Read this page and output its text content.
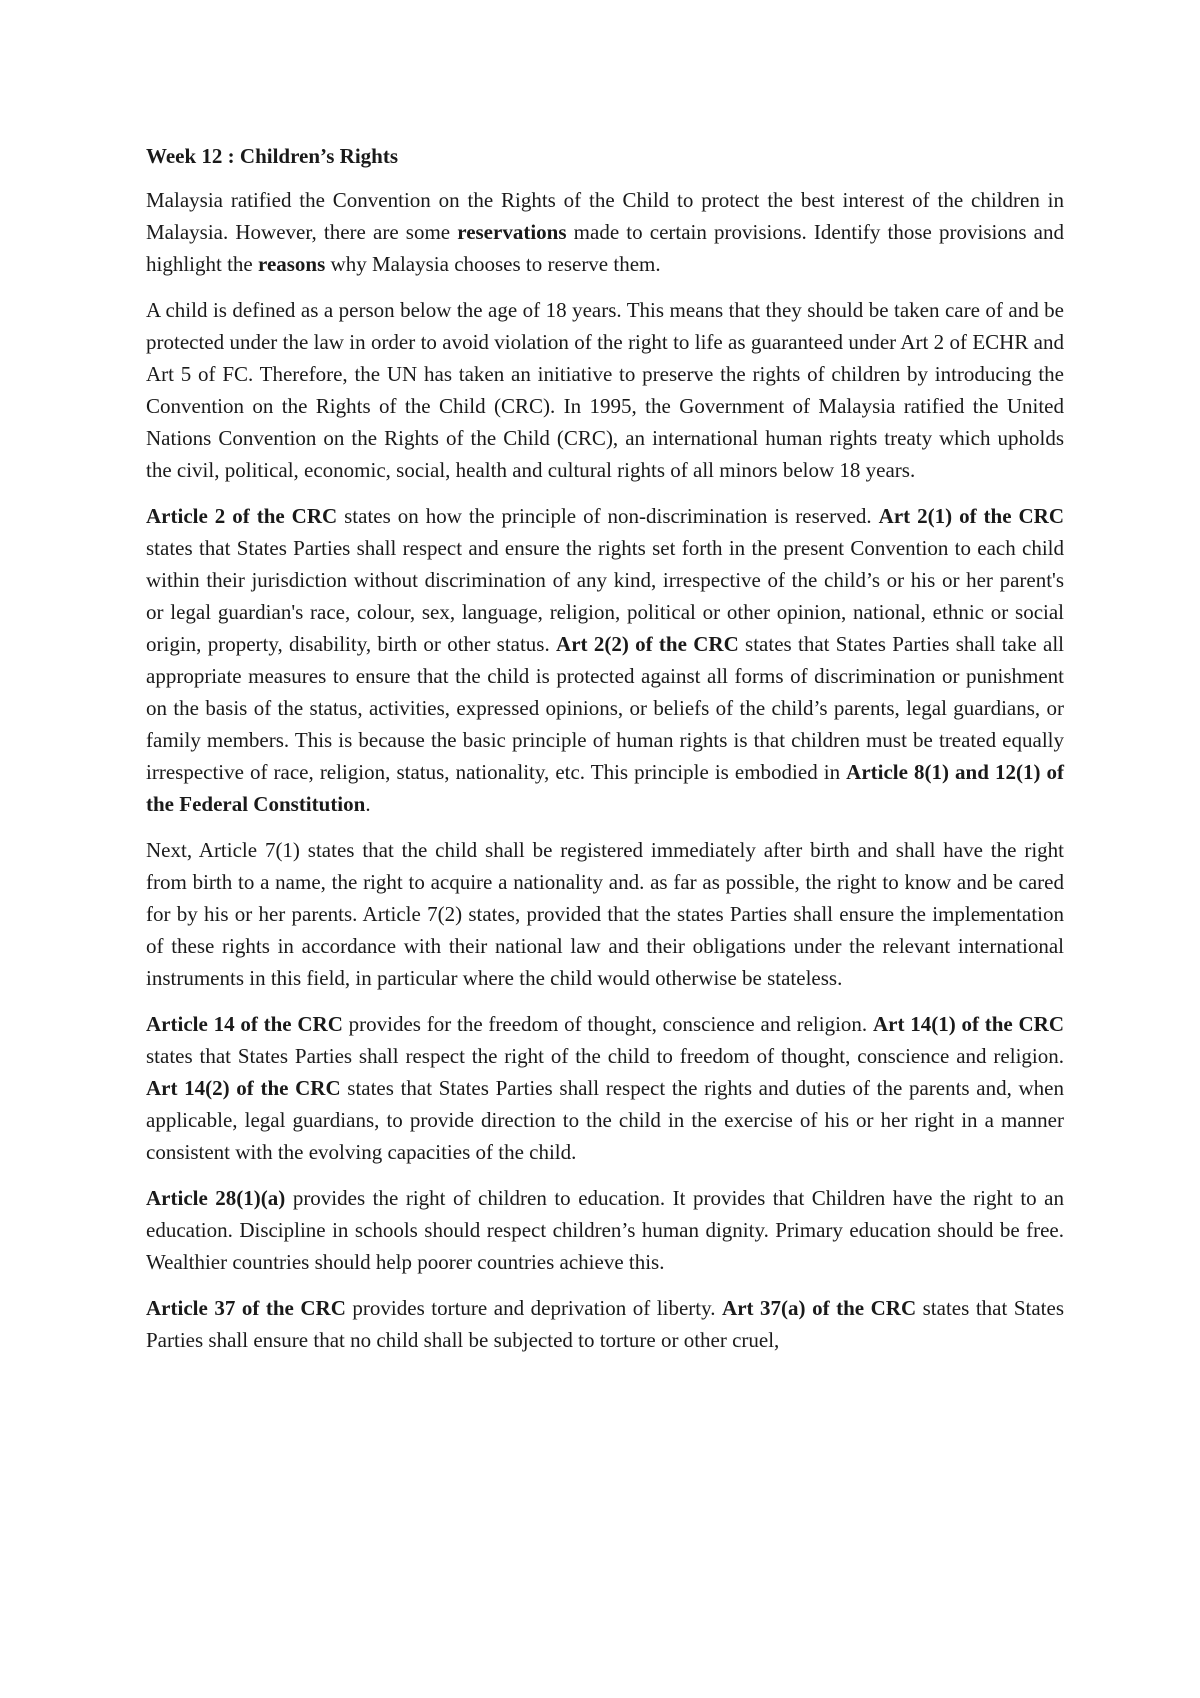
Week 12 : Children’s Rights

Malaysia ratified the Convention on the Rights of the Child to protect the best interest of the children in Malaysia. However, there are some reservations made to certain provisions. Identify those provisions and highlight the reasons why Malaysia chooses to reserve them.

A child is defined as a person below the age of 18 years. This means that they should be taken care of and be protected under the law in order to avoid violation of the right to life as guaranteed under Art 2 of ECHR and Art 5 of FC. Therefore, the UN has taken an initiative to preserve the rights of children by introducing the Convention on the Rights of the Child (CRC). In 1995, the Government of Malaysia ratified the United Nations Convention on the Rights of the Child (CRC), an international human rights treaty which upholds the civil, political, economic, social, health and cultural rights of all minors below 18 years.

Article 2 of the CRC states on how the principle of non-discrimination is reserved. Art 2(1) of the CRC states that States Parties shall respect and ensure the rights set forth in the present Convention to each child within their jurisdiction without discrimination of any kind, irrespective of the child’s or his or her parent's or legal guardian's race, colour, sex, language, religion, political or other opinion, national, ethnic or social origin, property, disability, birth or other status. Art 2(2) of the CRC states that States Parties shall take all appropriate measures to ensure that the child is protected against all forms of discrimination or punishment on the basis of the status, activities, expressed opinions, or beliefs of the child’s parents, legal guardians, or family members. This is because the basic principle of human rights is that children must be treated equally irrespective of race, religion, status, nationality, etc. This principle is embodied in Article 8(1) and 12(1) of the Federal Constitution.

Next, Article 7(1) states that the child shall be registered immediately after birth and shall have the right from birth to a name, the right to acquire a nationality and. as far as possible, the right to know and be cared for by his or her parents. Article 7(2) states, provided that the states Parties shall ensure the implementation of these rights in accordance with their national law and their obligations under the relevant international instruments in this field, in particular where the child would otherwise be stateless.

Article 14 of the CRC provides for the freedom of thought, conscience and religion. Art 14(1) of the CRC states that States Parties shall respect the right of the child to freedom of thought, conscience and religion. Art 14(2) of the CRC states that States Parties shall respect the rights and duties of the parents and, when applicable, legal guardians, to provide direction to the child in the exercise of his or her right in a manner consistent with the evolving capacities of the child.

Article 28(1)(a) provides the right of children to education. It provides that Children have the right to an education. Discipline in schools should respect children’s human dignity. Primary education should be free. Wealthier countries should help poorer countries achieve this.

Article 37 of the CRC provides torture and deprivation of liberty. Art 37(a) of the CRC states that States Parties shall ensure that no child shall be subjected to torture or other cruel,
